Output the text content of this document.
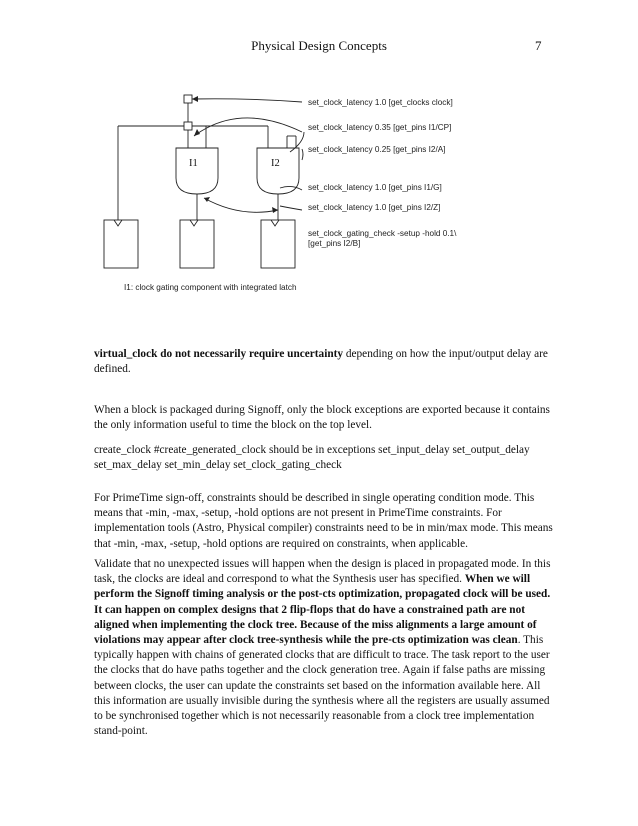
Physical Design Concepts	7
I1	I2
set_clock_latency 1.0 [get_clocks clock]
set_clock_latency 0.35 [get_pins I1/CP]
set_clock_latency 0.25 [get_pins I2/A]
set_clock_latency 1.0 [get_pins I1/G]
set_clock_latency 1.0 [get_pins I2/Z]
set_clock_gating_check -setup -hold 0.1\
[get_pins I2/B]
I1: clock gating component with integrated latch

virtual_clock do not necessarily require uncertainty depending on how the input/output delay are defined.

When a block is packaged during Signoff, only the block exceptions are exported because it contains the only information useful to time the block on the top level.

create_clock #create_generated_clock should be in exceptions set_input_delay set_output_delay set_max_delay set_min_delay set_clock_gating_check

For PrimeTime sign-off, constraints should be described in single operating condition mode. This means that -min, -max, -setup, -hold options are not present in PrimeTime constraints. For implementation tools (Astro, Physical compiler) constraints need to be in min/max mode. This means that -min, -max, -setup, -hold options are required on constraints, when applicable.

Validate that no unexpected issues will happen when the design is placed in propagated mode. In this task, the clocks are ideal and correspond to what the Synthesis user has specified. When we will perform the Signoff timing analysis or the post-cts optimization, propagated clock will be used. It can happen on complex designs that 2 flip-flops that do have a constrained path are not aligned when implementing the clock tree. Because of the miss alignments a large amount of violations may appear after clock tree-synthesis while the pre-cts optimization was clean. This typically happen with chains of generated clocks that are difficult to trace. The task report to the user the clocks that do have paths together and the clock generation tree. Again if false paths are missing between clocks, the user can update the constraints set based on the information available here. All this information are usually invisible during the synthesis where all the registers are usually assumed to be synchronised together which is not necessarily reasonable from a clock tree implementation stand-point.
